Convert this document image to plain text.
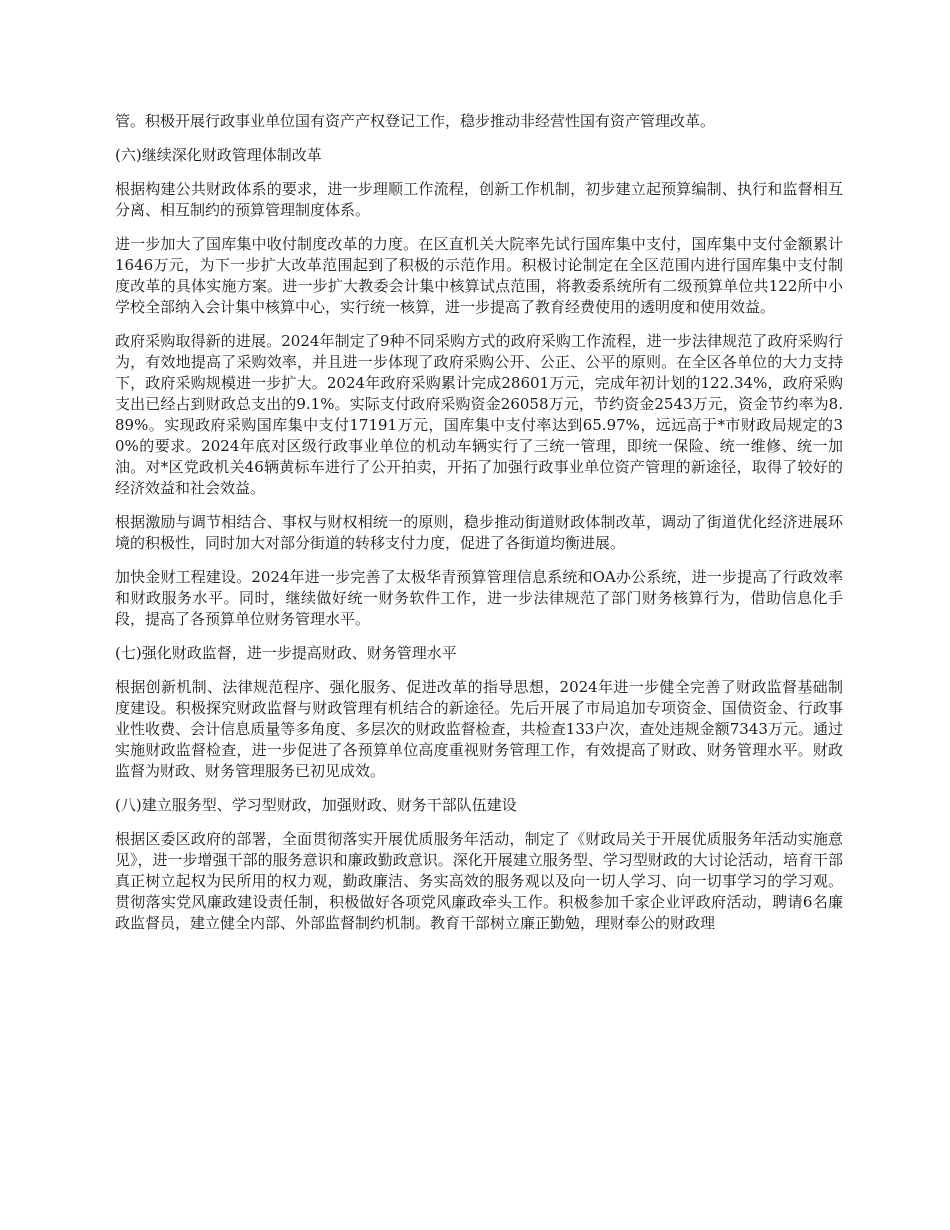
管。积极开展行政事业单位国有资产产权登记工作，稳步推动非经营性国有资产管理改革。

(六)继续深化财政管理体制改革

根据构建公共财政体系的要求，进一步理顺工作流程，创新工作机制，初步建立起预算编制、执行和监督相互分离、相互制约的预算管理制度体系。

进一步加大了国库集中收付制度改革的力度。在区直机关大院率先试行国库集中支付，国库集中支付金额累计1646万元，为下一步扩大改革范围起到了积极的示范作用。积极讨论制定在全区范围内进行国库集中支付制度改革的具体实施方案。进一步扩大教委会计集中核算试点范围，将教委系统所有二级预算单位共122所中小学校全部纳入会计集中核算中心，实行统一核算，进一步提高了教育经费使用的透明度和使用效益。

政府采购取得新的进展。2024年制定了9种不同采购方式的政府采购工作流程，进一步法律规范了政府采购行为，有效地提高了采购效率，并且进一步体现了政府采购公开、公正、公平的原则。在全区各单位的大力支持下，政府采购规模进一步扩大。2024年政府采购累计完成28601万元，完成年初计划的122.34%，政府采购支出已经占到财政总支出的9.1%。实际支付政府采购资金26058万元，节约资金2543万元，资金节约率为8.89%。实现政府采购国库集中支付17191万元，国库集中支付率达到65.97%，远远高于*市财政局规定的30%的要求。2024年底对区级行政事业单位的机动车辆实行了三统一管理，即统一保险、统一维修、统一加油。对*区党政机关46辆黄标车进行了公开拍卖，开拓了加强行政事业单位资产管理的新途径，取得了较好的经济效益和社会效益。

根据激励与调节相结合、事权与财权相统一的原则，稳步推动街道财政体制改革，调动了街道优化经济进展环境的积极性，同时加大对部分街道的转移支付力度，促进了各街道均衡进展。

加快金财工程建设。2024年进一步完善了太极华青预算管理信息系统和OA办公系统，进一步提高了行政效率和财政服务水平。同时，继续做好统一财务软件工作，进一步法律规范了部门财务核算行为，借助信息化手段，提高了各预算单位财务管理水平。

(七)强化财政监督，进一步提高财政、财务管理水平

根据创新机制、法律规范程序、强化服务、促进改革的指导思想，2024年进一步健全完善了财政监督基础制度建设。积极探究财政监督与财政管理有机结合的新途径。先后开展了市局追加专项资金、国债资金、行政事业性收费、会计信息质量等多角度、多层次的财政监督检查，共检查133户次，查处违规金额7343万元。通过实施财政监督检查，进一步促进了各预算单位高度重视财务管理工作，有效提高了财政、财务管理水平。财政监督为财政、财务管理服务已初见成效。

(八)建立服务型、学习型财政，加强财政、财务干部队伍建设

根据区委区政府的部署，全面贯彻落实开展优质服务年活动，制定了《财政局关于开展优质服务年活动实施意见》，进一步增强干部的服务意识和廉政勤政意识。深化开展建立服务型、学习型财政的大讨论活动，培育干部真正树立起权为民所用的权力观，勤政廉洁、务实高效的服务观以及向一切人学习、向一切事学习的学习观。贯彻落实党风廉政建设责任制，积极做好各项党风廉政牵头工作。积极参加千家企业评政府活动，聘请6名廉政监督员，建立健全内部、外部监督制约机制。教育干部树立廉正勤勉，理财奉公的财政理
